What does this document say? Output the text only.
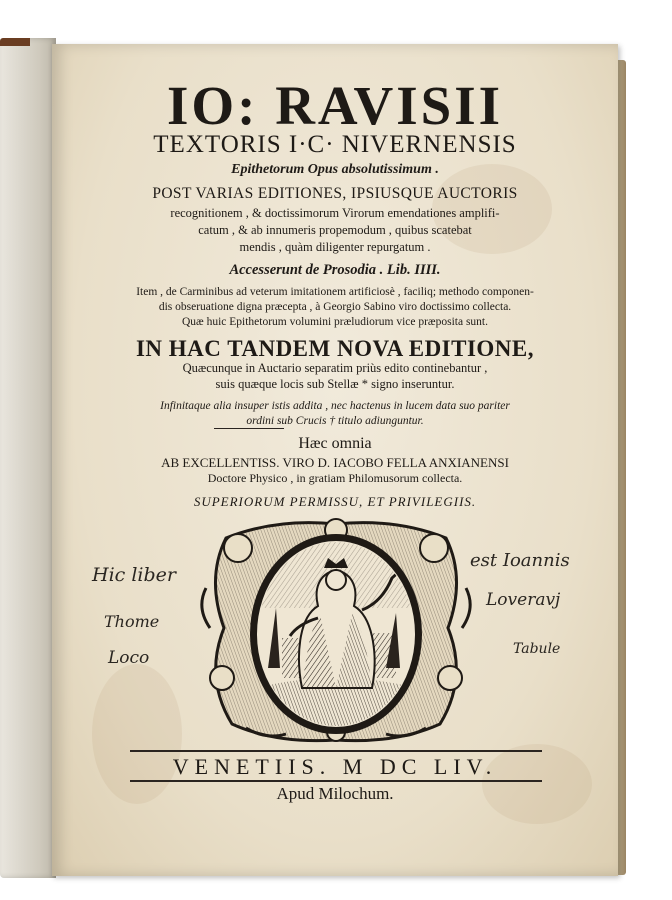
IO: RAVISII
TEXTORIS I·C· NIVERNENSIS
Epithetorum Opus absolutissimum .
POST VARIAS EDITIONES, IPSIUSQUE AUCTORIS
recognitionem , & doctissimorum Virorum emendationes amplifi-
catum , & ab innumeris propemodum , quibus scatebat
mendis , quàm diligenter repurgatum .
Accesserunt de Prosodia . Lib. IIII.
Item , de Carminibus ad veterum imitationem artificiosè , faciliq; methodo componen-
dis obseruatione digna præcepta , à Georgio Sabino viro doctissimo collecta.
Quæ huic Epithetorum volumini præludiorum vice præposita sunt.
IN HAC TANDEM NOVA EDITIONE,
Quæcunque in Auctario separatim priùs edito continebantur ,
suis quæque locis sub Stellæ * signo inseruntur.
Infinitaque alia insuper istis addita , nec hactenus in lucem data suo pariter
ordini sub Crucis † titulo adiunguntur.
Hæc omnia
AB EXCELLENTISS. VIRO D. IACOBO FELLA ANXIANENSI
Doctore Physico , in gratiam Philomusorum collecta.
SUPERIORUM PERMISSU, ET PRIVILEGIIS.
Hic liber
Thome
Loco
est Ioannis
Loveravj
Tabule
VENETIIS. M DC LIV.
Apud Milochum.
